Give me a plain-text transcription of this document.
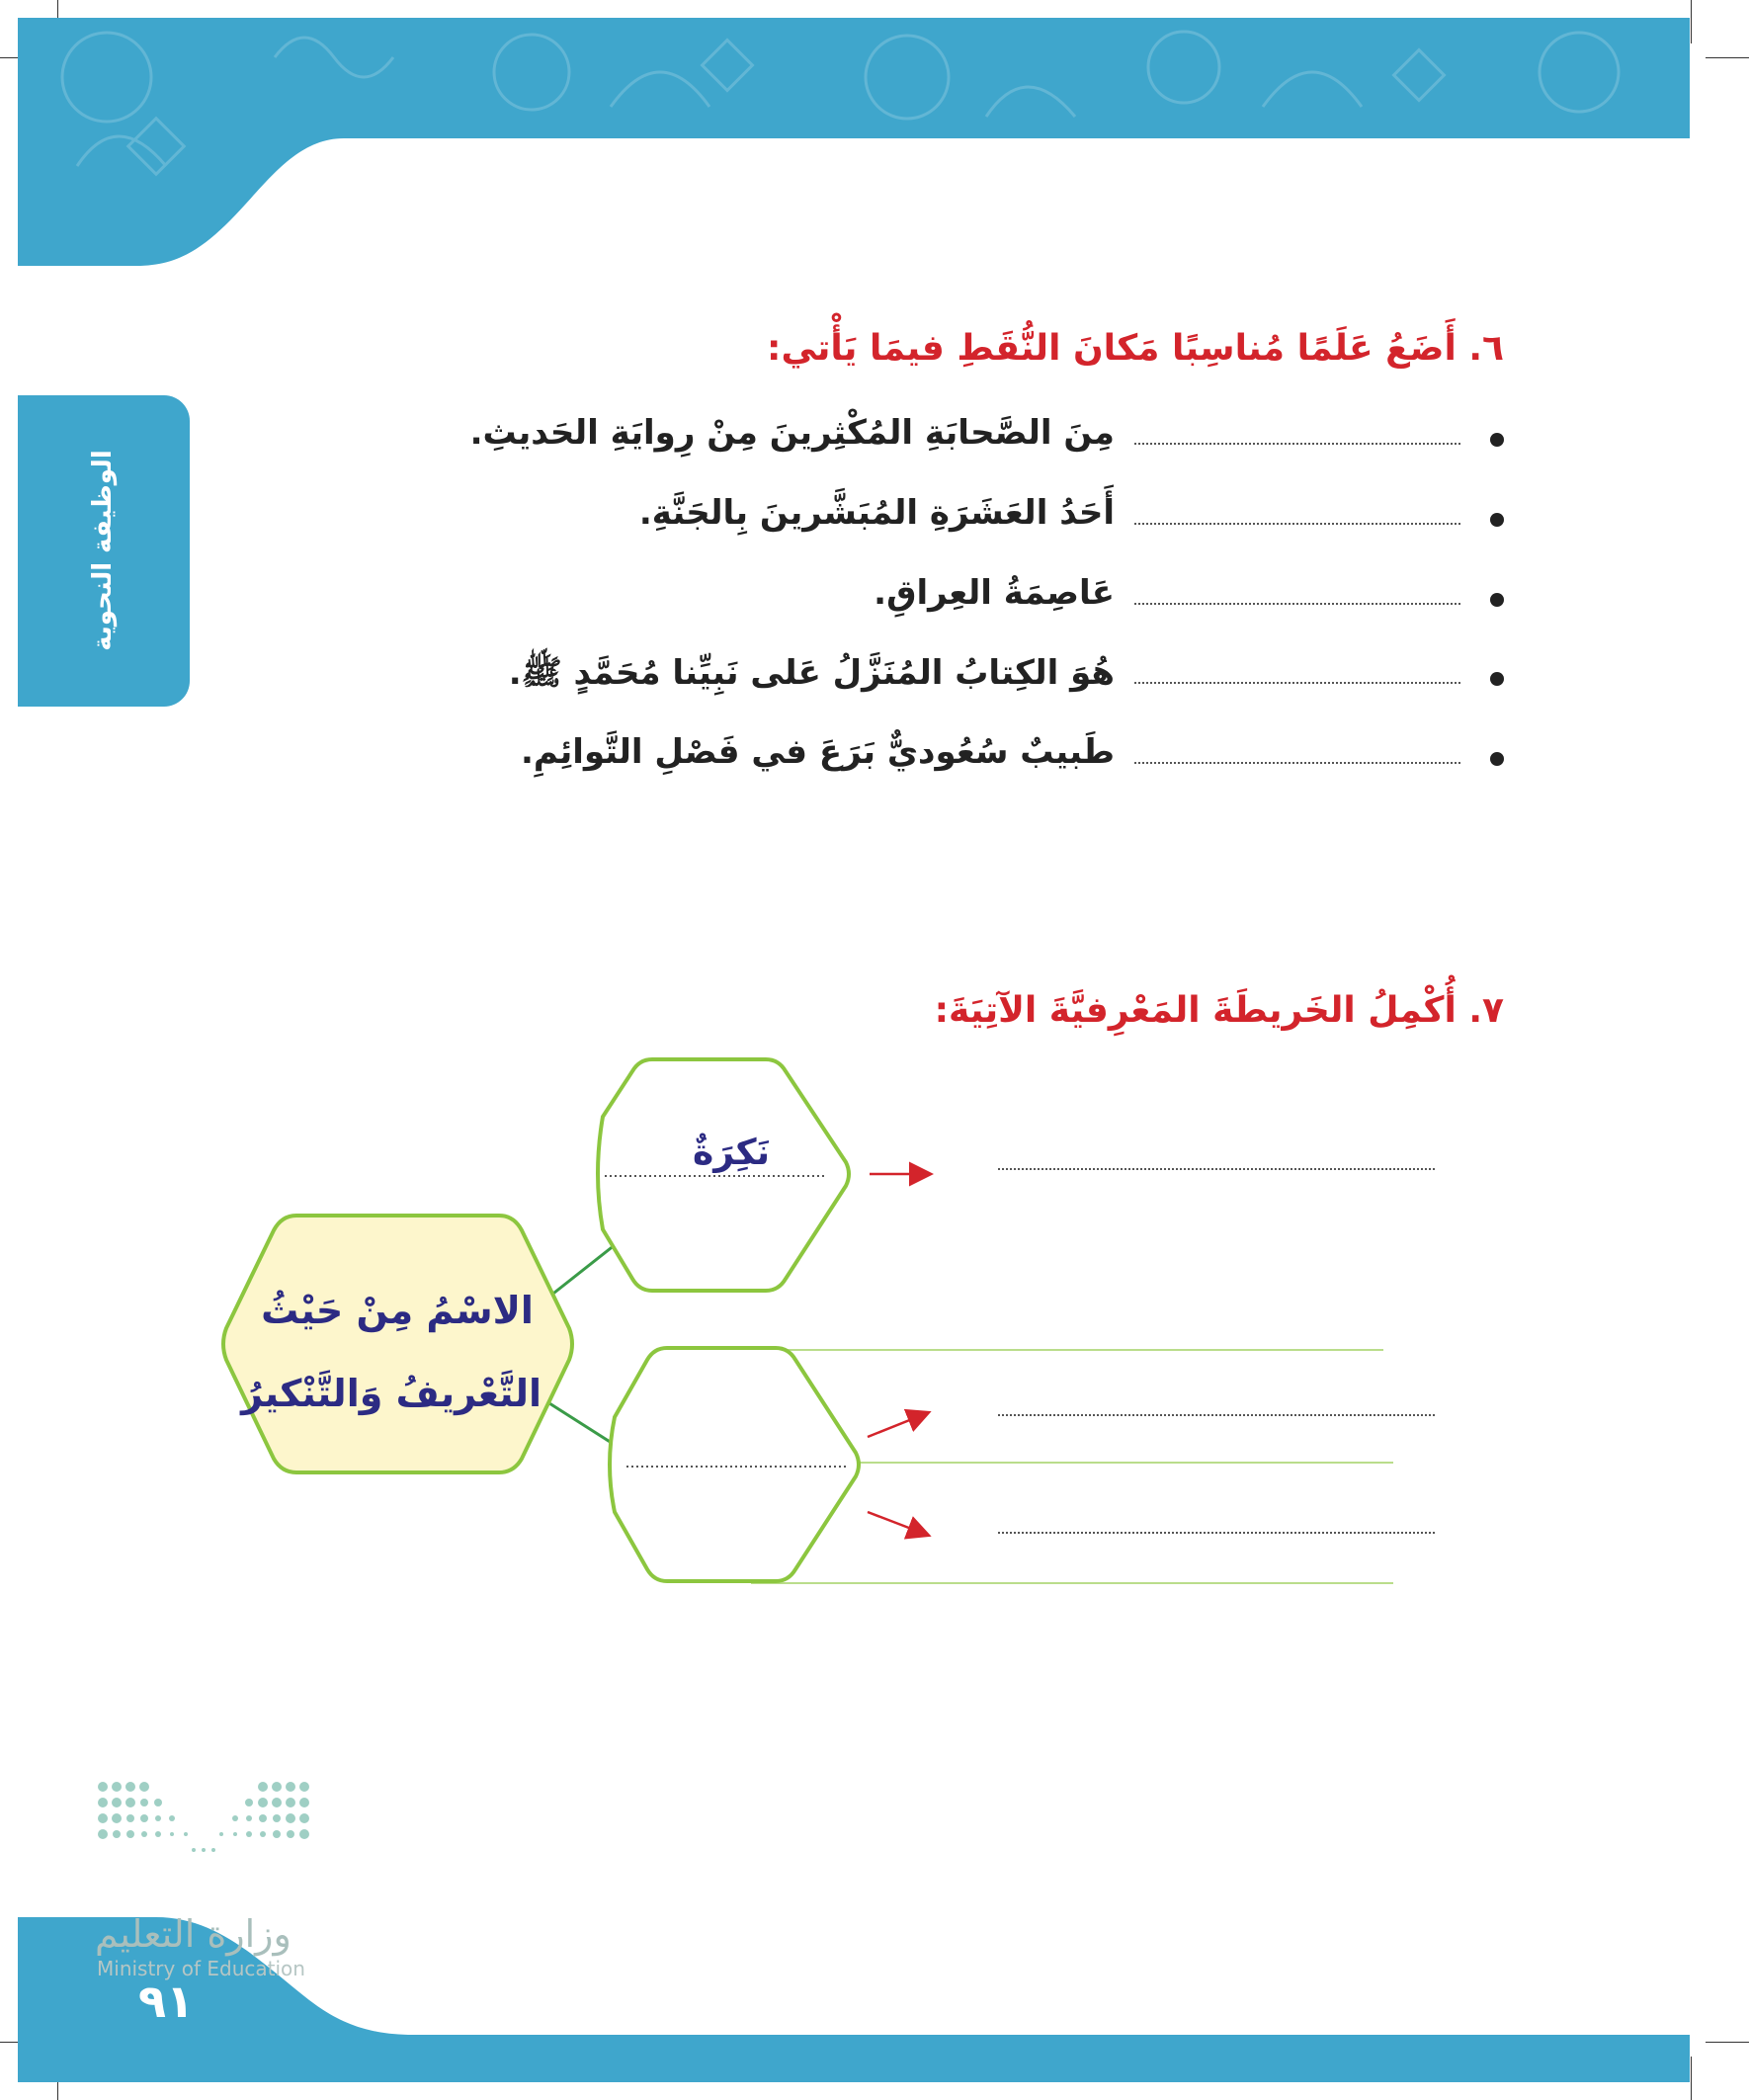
الوظيفة النحوية
٦. أَضَعُ عَلَمًا مُناسِبًا مَكانَ النُّقَطِ فيمَا يَأْتي:
مِنَ الصَّحابَةِ المُكْثِرينَ مِنْ رِوايَةِ الحَديثِ.
أَحَدُ العَشَرَةِ المُبَشَّرينَ بِالجَنَّةِ.
عَاصِمَةُ العِراقِ.
هُوَ الكِتابُ المُنَزَّلُ عَلى نَبِيِّنا مُحَمَّدٍ ﷺ.
طَبيبٌ سُعُوديٌّ بَرَعَ في فَصْلِ التَّوائِمِ.
٧. أُكْمِلُ الخَريطَةَ المَعْرِفيَّةَ الآتِيَةَ:
الاسْمُ مِنْ حَيْثُ
التَّعْريفُ وَالتَّنْكيرُ
نَكِرَةٌ
وزارة التعليم
Ministry of Education
٩١
